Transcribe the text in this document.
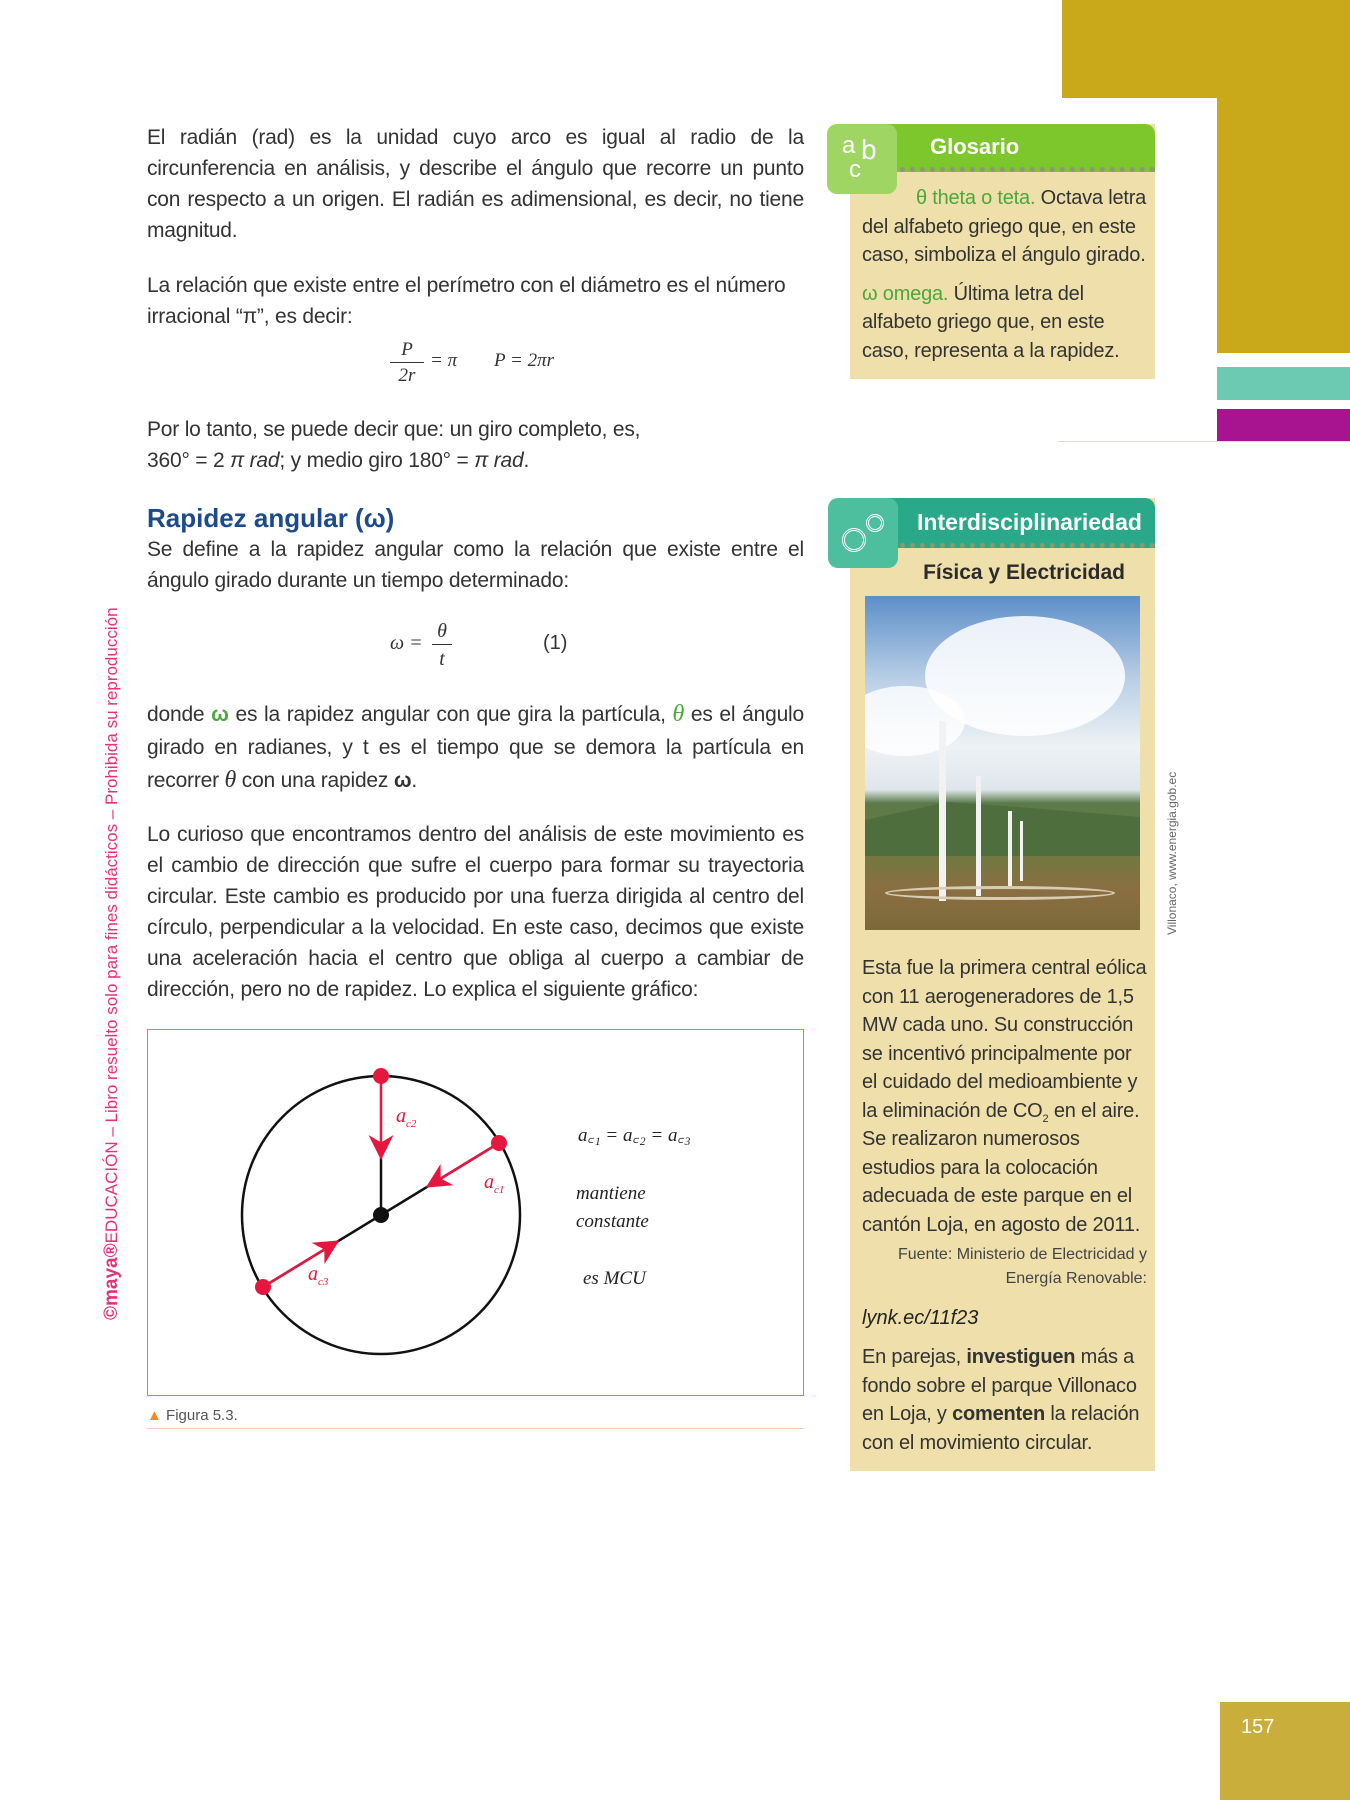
©maya®EDUCACIÓN – Libro resuelto solo para fines didácticos – Prohibida su reproducción
El radián (rad) es la unidad cuyo arco es igual al radio de la circunferencia en análisis, y describe el ángulo que recorre un punto con respecto a un origen. El radián es adimensional, es decir, no tiene magnitud.
La relación que existe entre el perímetro con el diámetro es el número irracional “π”, es decir:
P
2r
= π P = 2πr
Por lo tanto, se puede decir que: un giro completo, es,
360° = 2 π rad; y medio giro 180° = π rad.
Rapidez angular (ω)
Se define a la rapidez angular como la relación que existe entre el ángulo girado durante un tiempo determinado:
ω =
θ
t
(1)
donde ω es la rapidez angular con que gira la partícula, θ es el ángulo girado en radianes, y t es el tiempo que se demora la partícula en recorrer θ con una rapidez ω.
Lo curioso que encontramos dentro del análisis de este movimiento es el cambio de dirección que sufre el cuerpo para formar su trayectoria circular. Este cambio es producido por una fuerza dirigida al centro del círculo, perpendicular a la velocidad. En este caso, decimos que existe una aceleración hacia el centro que obliga al cuerpo a cambiar de dirección, pero no de rapidez. Lo explica el siguiente gráfico:
$a_{c2}$
$a_{c1}$
$a_{c3}$
a꜀₁ = a꜀₂ = a꜀₃
mantiene
constante
es MCU
▲ Figura 5.3.
Glosario
θ theta o teta. Octava letra del alfabeto griego que, en este caso, simboliza el ángulo girado.
ω omega. Última letra del alfabeto griego que, en este caso, representa a la rapidez.
a b
c
Interdisciplinariedad
Física y Electricidad
Esta fue la primera central eólica con 11 aerogeneradores de 1,5 MW cada uno. Su construcción se incentivó principalmente por el cuidado del medioambiente y la eliminación de $CO_2$ en el aire. Se realizaron numerosos estudios para la colocación adecuada de este parque en el cantón Loja, en agosto de 2011.
Fuente: Ministerio de Electricidad y Energía Renovable:
lynk.ec/11f23
En parejas, investiguen más a fondo sobre el parque Villonaco en Loja, y comenten la relación con el movimiento circular.
Villonaco, www.energia.gob.ec
157
